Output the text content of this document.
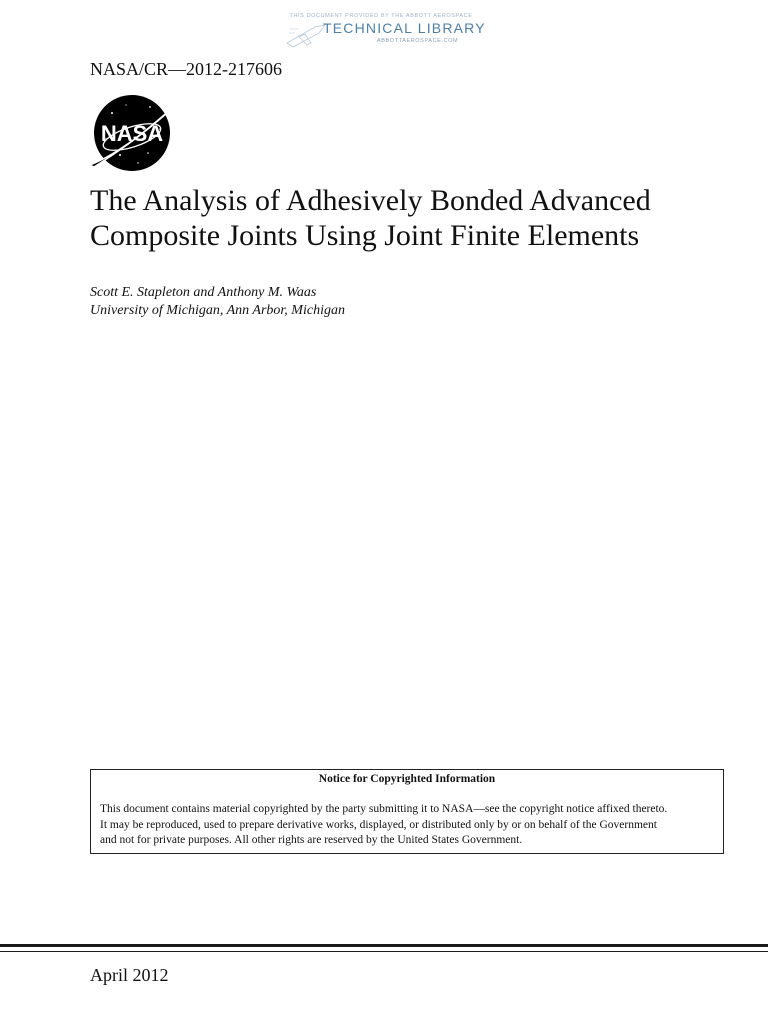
THIS DOCUMENT PROVIDED BY THE ABBOTT AEROSPACE
TECHNICAL LIBRARY
ABBOTTAEROSPACE.COM
NASA/CR—2012-217606
NASA
The Analysis of Adhesively Bonded Advanced
Composite Joints Using Joint Finite Elements
Scott E. Stapleton and Anthony M. Waas
University of Michigan, Ann Arbor, Michigan
Notice for Copyrighted Information
This document contains material copyrighted by the party submitting it to NASA—see the copyright notice affixed thereto.
It may be reproduced, used to prepare derivative works, displayed, or distributed only by or on behalf of the Government
and not for private purposes. All other rights are reserved by the United States Government.
April 2012
